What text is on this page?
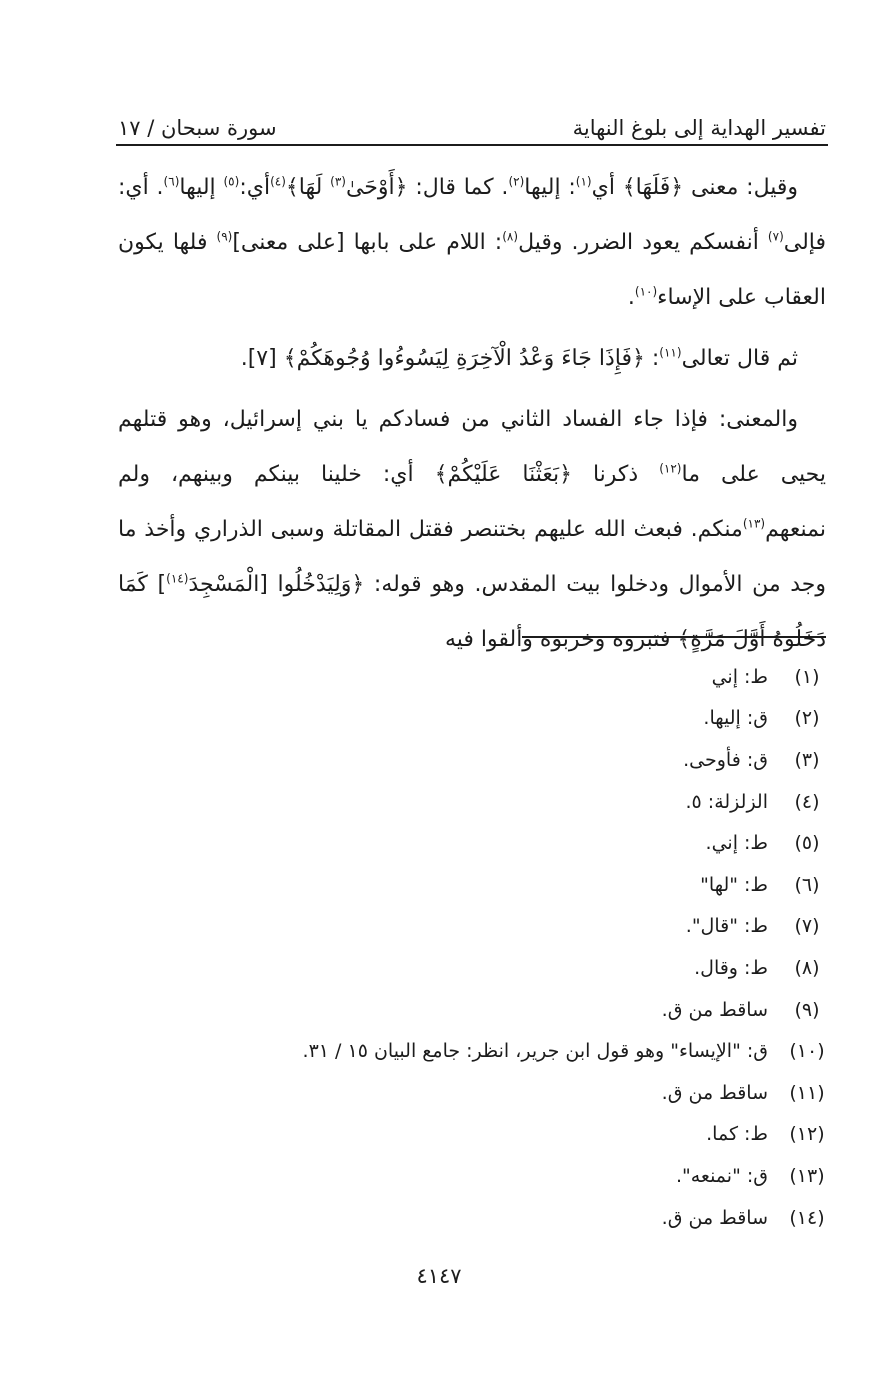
تفسير الهداية إلى بلوغ النهاية
سورة سبحان / ١٧

وقيل: معنى ﴿فَلَهَا﴾ أي$^{(١)}$: إليها$^{(٢)}$. كما قال: ﴿أَوْحَىٰ$^{(٣)}$ لَهَا﴾$^{(٤)}$أي:$^{(٥)}$ إليها$^{(٦)}$. أي: فإلى$^{(٧)}$ أنفسكم يعود الضرر. وقيل$^{(٨)}$: اللام على بابها [على معنى]$^{(٩)}$ فلها يكون العقاب على الإساء$^{(١٠)}$.

ثم قال تعالى$^{(١١)}$: ﴿فَإِذَا جَاءَ وَعْدُ الْآخِرَةِ لِيَسُوءُوا وُجُوهَكُمْ﴾ [٧].

والمعنى: فإذا جاء الفساد الثاني من فسادكم يا بني إسرائيل، وهو قتلهم يحيى على ما$^{(١٢)}$ ذكرنا ﴿بَعَثْنَا عَلَيْكُمْ﴾ أي: خلينا بينكم وبينهم، ولم نمنعهم$^{(١٣)}$منكم. فبعث الله عليهم بختنصر فقتل المقاتلة وسبى الذراري وأخذ ما وجد من الأموال ودخلوا بيت المقدس. وهو قوله: ﴿وَلِيَدْخُلُوا [الْمَسْجِدَ$^{(١٤)}$] كَمَا دَخَلُوهُ أَوَّلَ مَرَّةٍ﴾ فتبروه وخربوه وألقوا فيه

(١)
ط: إني
(٢)
ق: إليها.
(٣)
ق: فأوحى.
(٤)
الزلزلة: ٥.
(٥)
ط: إني.
(٦)
ط: "لها"
(٧)
ط: "قال".
(٨)
ط: وقال.
(٩)
ساقط من ق.
(١٠)
ق: "الإيساء" وهو قول ابن جرير، انظر: جامع البيان ١٥ / ٣١.
(١١)
ساقط من ق.
(١٢)
ط: كما.
(١٣)
ق: "نمنعه".
(١٤)
ساقط من ق.
٤١٤٧
